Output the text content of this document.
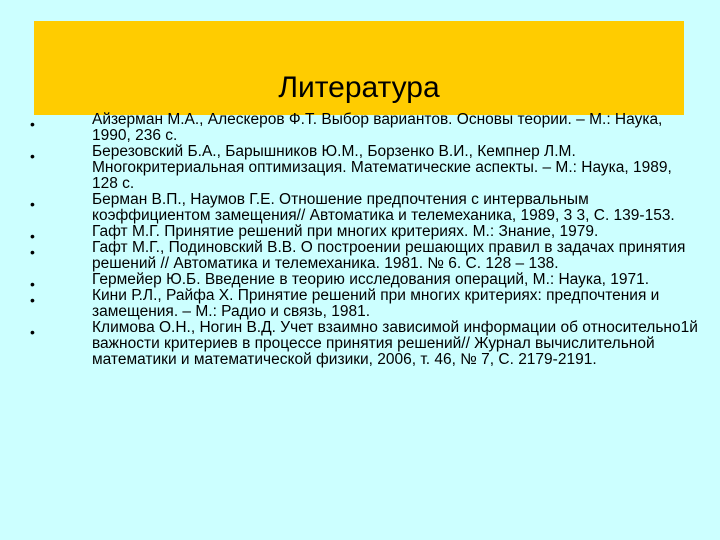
Литература
•	Айзерман М.А., Алескеров Ф.Т. Выбор вариантов. Основы теории. – М.: Наука, 1990, 236 с.
•	Березовский Б.А., Барышников Ю.М., Борзенко В.И., Кемпнер Л.М. Многокритериальная оптимизация. Математические аспекты. – М.: Наука, 1989, 128 с.
•	Берман В.П., Наумов Г.Е. Отношение предпочтения с интервальным коэффициентом замещения// Автоматика и телемеханика, 1989, 3 3, С. 139-153.
•	Гафт М.Г. Принятие решений при многих критериях. М.: Знание, 1979.
•	Гафт М.Г., Подиновский В.В. О построении решающих правил в задачах принятия решений // Автоматика и телемеханика. 1981. № 6. С. 128 – 138.
•	Гермейер Ю.Б. Введение в теорию исследования операций, М.: Наука, 1971.
•	Кини Р.Л., Райфа Х. Принятие решений при многих критериях: предпочтения и замещения. – М.: Радио и связь, 1981.
•	Климова О.Н., Ногин В.Д. Учет взаимно зависимой информации об относительно1й важности критериев в процессе принятия решений// Журнал вычислительной математики и математической физики, 2006, т. 46, № 7, С. 2179-2191.
